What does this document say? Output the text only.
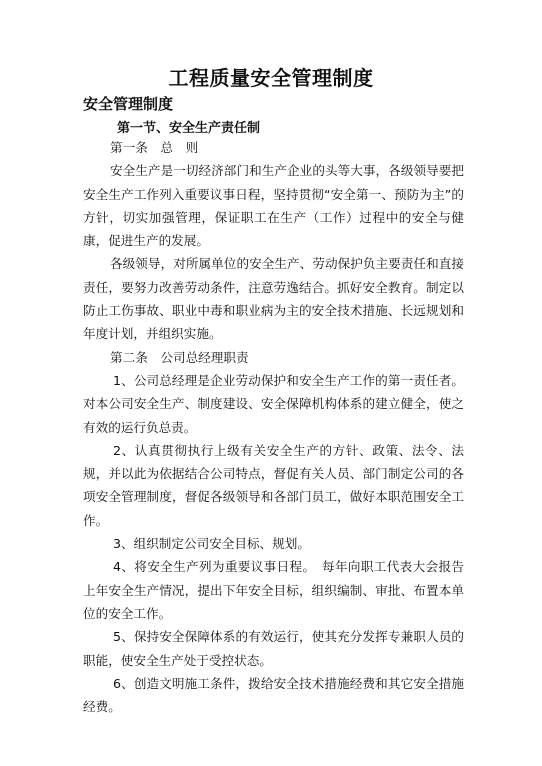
工程质量安全管理制度
安全管理制度
第一节、安全生产责任制

第一条　总　则

安全生产是一切经济部门和生产企业的头等大事，各级领导要把安全生产工作列入重要议事日程，坚持贯彻“安全第一、预防为主”的方针，切实加强管理，保证职工在生产（工作）过程中的安全与健康，促进生产的发展。

各级领导，对所属单位的安全生产、劳动保护负主要责任和直接责任，要努力改善劳动条件，注意劳逸结合。抓好安全教育。制定以防止工伤事故、职业中毒和职业病为主的安全技术措施、长远规划和年度计划，并组织实施。

第二条　公司总经理职责

1、公司总经理是企业劳动保护和安全生产工作的第一责任者。对本公司安全生产、制度建设、安全保障机构体系的建立健全，使之有效的运行负总责。

2、认真贯彻执行上级有关安全生产的方针、政策、法令、法规，并以此为依据结合公司特点，督促有关人员、部门制定公司的各项安全管理制度，督促各级领导和各部门员工，做好本职范围安全工作。

3、组织制定公司安全目标、规划。

4、将安全生产列为重要议事日程。　每年向职工代表大会报告上年安全生产情况，提出下年安全目标，组织编制、审批、布置本单位的安全工作。

5、保持安全保障体系的有效运行，使其充分发挥专兼职人员的职能，使安全生产处于受控状态。

6、创造文明施工条件，拨给安全技术措施经费和其它安全措施经费。
